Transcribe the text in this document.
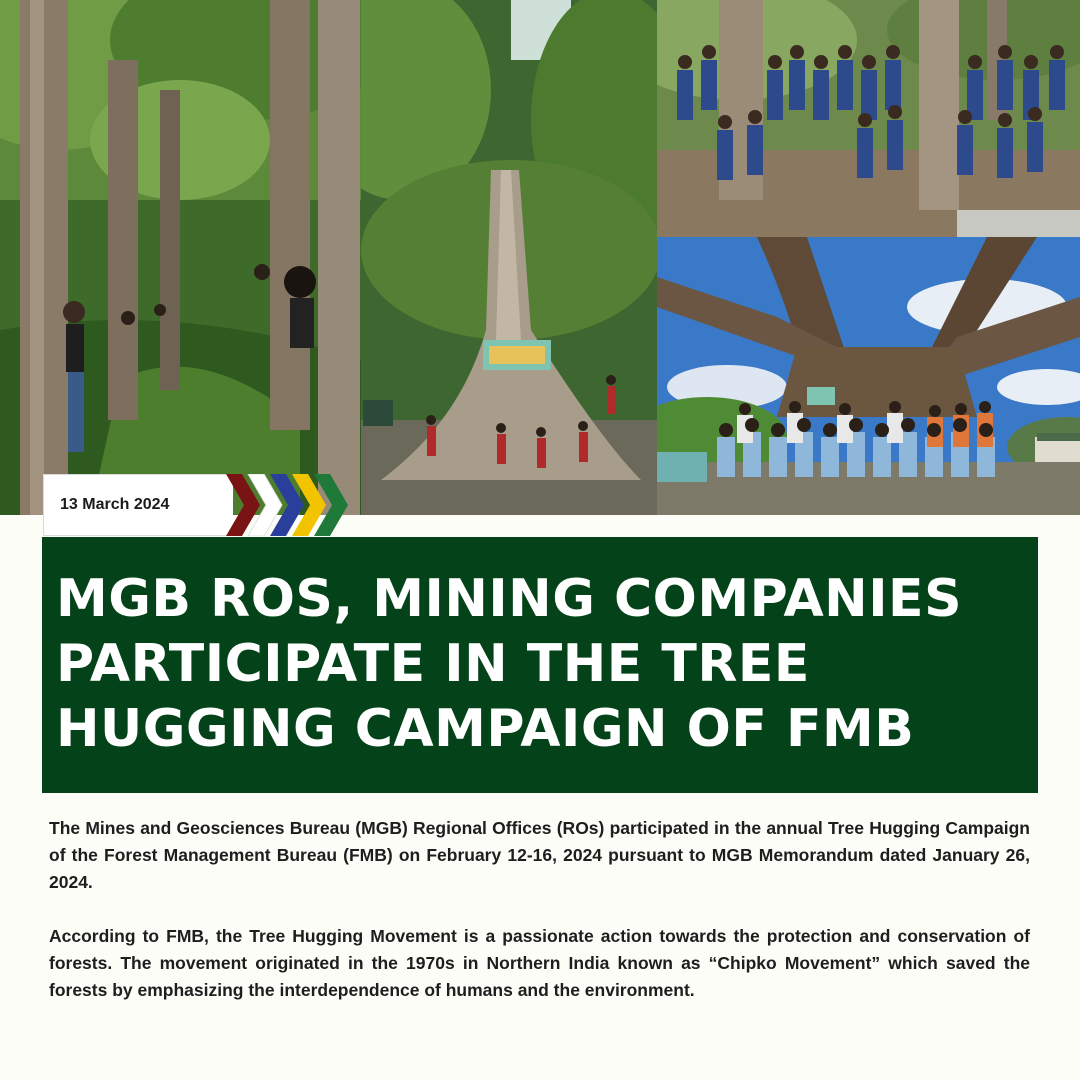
13 March 2024
MGB ROS, MINING COMPANIES PARTICIPATE IN THE TREE HUGGING CAMPAIGN OF FMB

The Mines and Geosciences Bureau (MGB) Regional Offices (ROs) participated in the annual Tree Hugging Campaign of the Forest Management Bureau (FMB) on February 12-16, 2024 pursuant to MGB Memorandum dated January 26, 2024.

According to FMB, the Tree Hugging Movement is a passionate action towards the protection and conservation of forests. The movement originated in the 1970s in Northern India known as “Chipko Movement” which saved the forests by emphasizing the interdependence of humans and the environment.
